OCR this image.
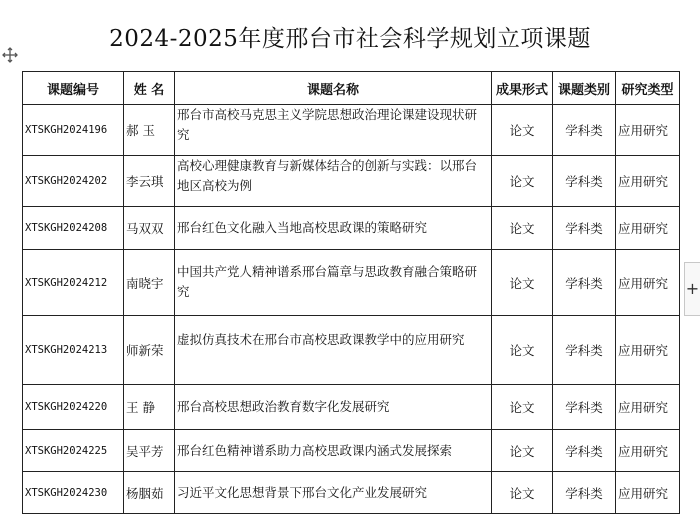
2024-2025年度邢台市社会科学规划立项课题
课题编号	姓 名	课题名称	成果形式	课题类别	研究类型
XTSKGH2024196	郝 玉	邢台市高校马克思主义学院思想政治理论课建设现状研究	论文	学科类	应用研究
XTSKGH2024202	李云琪	高校心理健康教育与新媒体结合的创新与实践：以邢台地区高校为例	论文	学科类	应用研究
XTSKGH2024208	马双双	邢台红色文化融入当地高校思政课的策略研究	论文	学科类	应用研究
XTSKGH2024212	南晓宇	中国共产党人精神谱系邢台篇章与思政教育融合策略研究	论文	学科类	应用研究
XTSKGH2024213	师新荣	虚拟仿真技术在邢台市高校思政课教学中的应用研究	论文	学科类	应用研究
XTSKGH2024220	王 静	邢台高校思想政治教育数字化发展研究	论文	学科类	应用研究
XTSKGH2024225	吴平芳	邢台红色精神谱系助力高校思政课内涵式发展探索	论文	学科类	应用研究
XTSKGH2024230	杨胭茹	习近平文化思想背景下邢台文化产业发展研究	论文	学科类	应用研究
+
